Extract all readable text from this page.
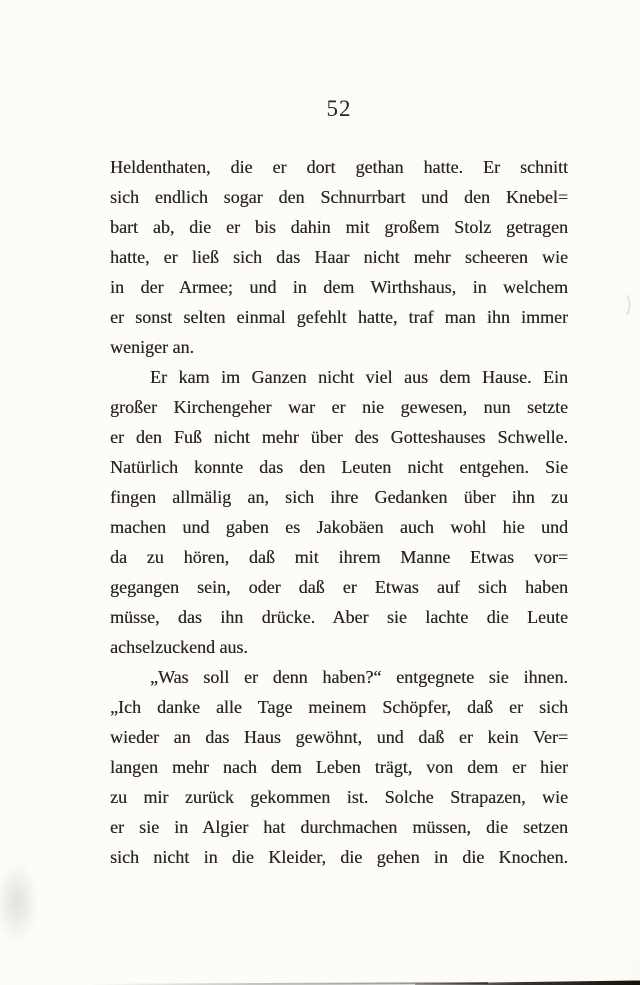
52
Heldenthaten, die er dort gethan hatte. Er schnitt
sich endlich sogar den Schnurrbart und den Knebel=
bart ab, die er bis dahin mit großem Stolz getragen
hatte, er ließ sich das Haar nicht mehr scheeren wie
in der Armee; und in dem Wirthshaus, in welchem
er sonst selten einmal gefehlt hatte, traf man ihn immer
weniger an.
Er kam im Ganzen nicht viel aus dem Hause. Ein
großer Kirchengeher war er nie gewesen, nun setzte
er den Fuß nicht mehr über des Gotteshauses Schwelle.
Natürlich konnte das den Leuten nicht entgehen. Sie
fingen allmälig an, sich ihre Gedanken über ihn zu
machen und gaben es Jakobäen auch wohl hie und
da zu hören, daß mit ihrem Manne Etwas vor=
gegangen sein, oder daß er Etwas auf sich haben
müsse, das ihn drücke. Aber sie lachte die Leute
achselzuckend aus.
„Was soll er denn haben?“ entgegnete sie ihnen.
„Ich danke alle Tage meinem Schöpfer, daß er sich
wieder an das Haus gewöhnt, und daß er kein Ver=
langen mehr nach dem Leben trägt, von dem er hier
zu mir zurück gekommen ist. Solche Strapazen, wie
er sie in Algier hat durchmachen müssen, die setzen
sich nicht in die Kleider, die gehen in die Knochen.
